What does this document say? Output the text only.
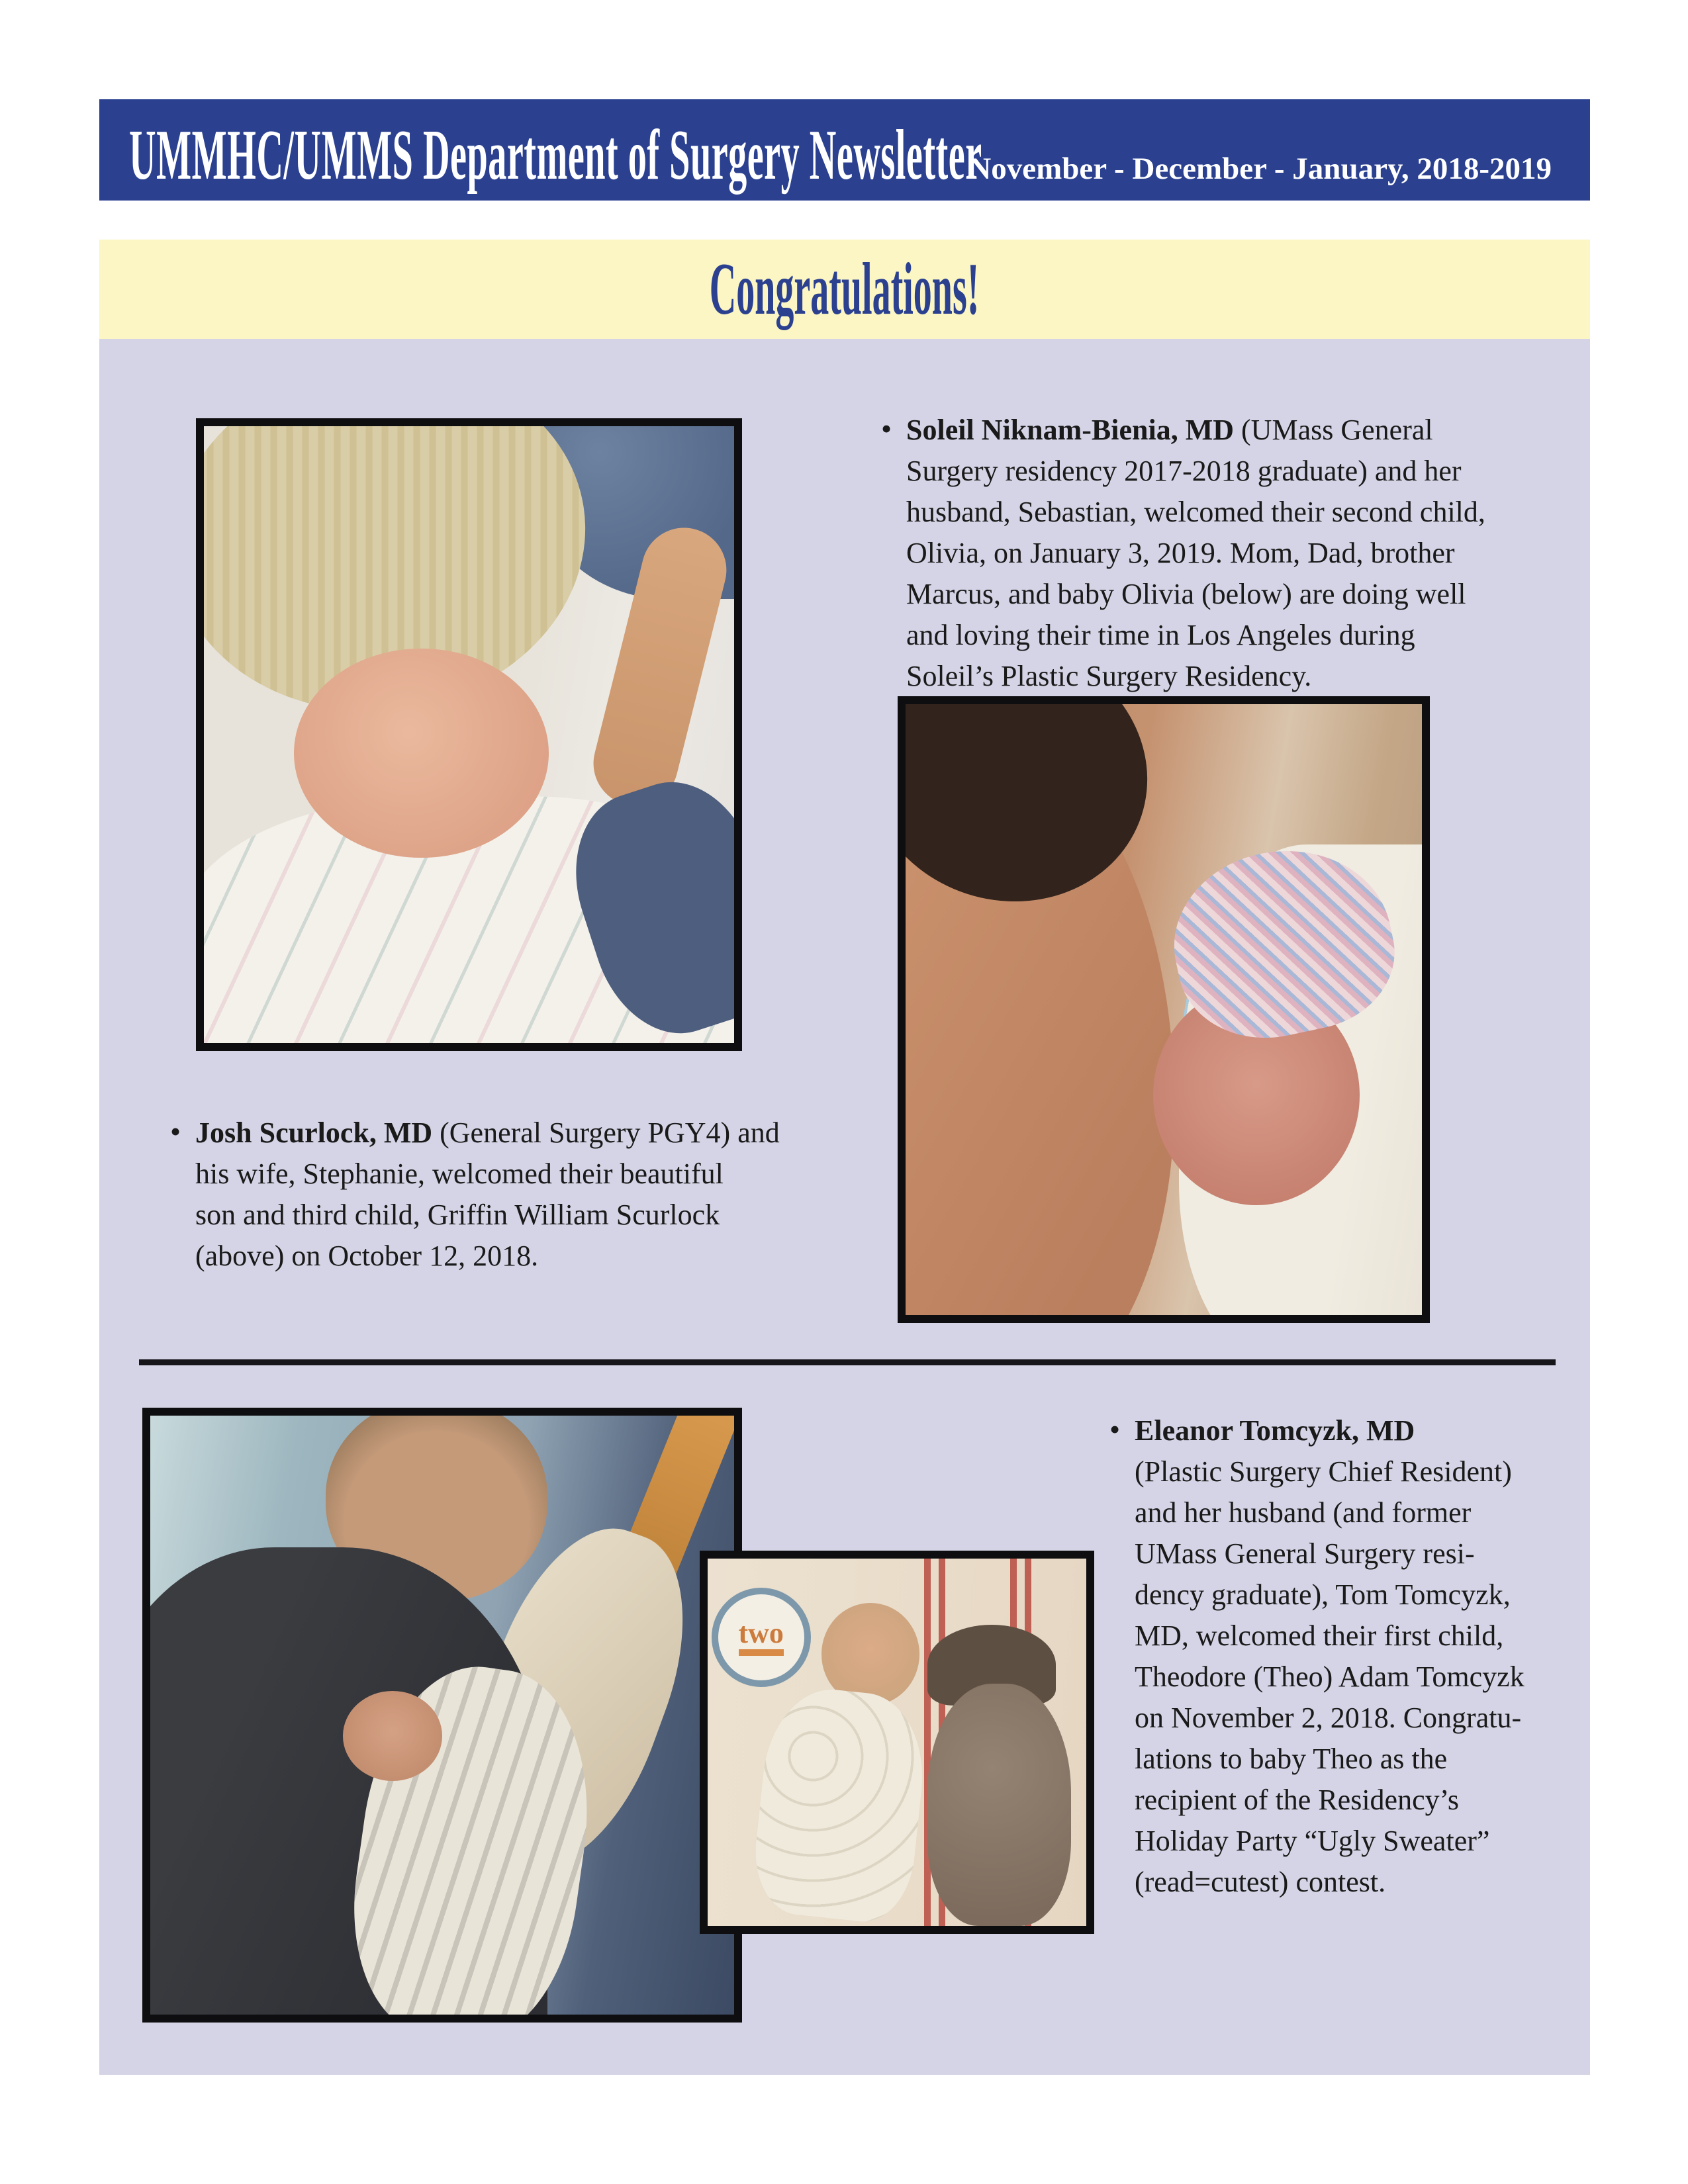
UMMHC/UMMS Department of Surgery Newsletter
November - December - January, 2018-2019
Congratulations!
• Soleil Niknam-Bienia, MD (UMass General
Surgery residency 2017-2018 graduate) and her
husband, Sebastian, welcomed their second child,
Olivia, on January 3, 2019. Mom, Dad, brother
Marcus, and baby Olivia (below) are doing well
and loving their time in Los Angeles during
Soleil’s Plastic Surgery Residency.
• Josh Scurlock, MD (General Surgery PGY4) and
his wife, Stephanie, welcomed their beautiful
son and third child, Griffin William Scurlock
(above) on October 12, 2018.
two
• Eleanor Tomcyzk, MD
(Plastic Surgery Chief Resident)
and her husband (and former
UMass General Surgery resi-
dency graduate), Tom Tomcyzk,
MD, welcomed their first child,
Theodore (Theo) Adam Tomcyzk
on November 2, 2018. Congratu-
lations to baby Theo as the
recipient of the Residency’s
Holiday Party “Ugly Sweater”
(read=cutest) contest.
